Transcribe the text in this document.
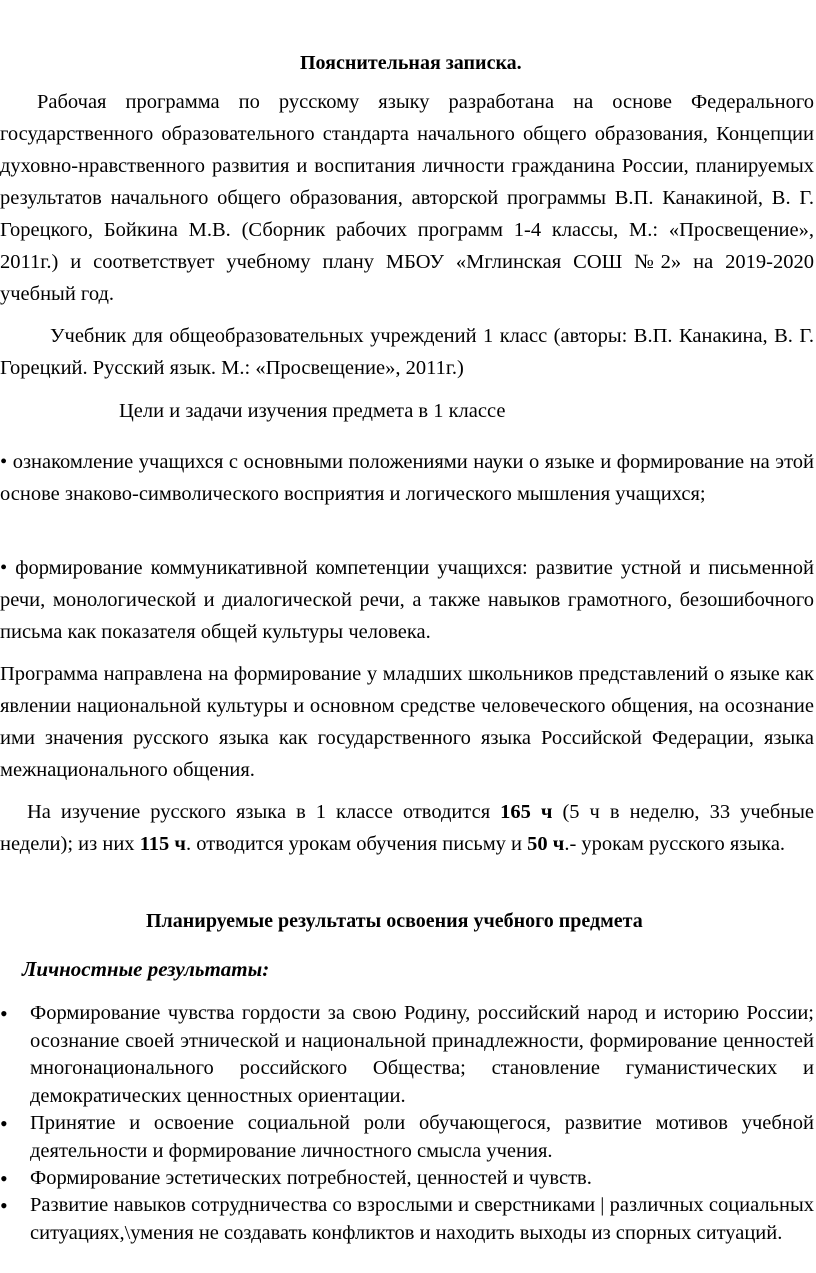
Пояснительная записка.

Рабочая программа по русскому языку разработана на основе Федерального государственного образовательного стандарта начального общего образования, Концепции духовно-нравственного развития и воспитания личности гражданина России, планируемых результатов начального общего образования, авторской программы В.П. Канакиной, В. Г. Горецкого, Бойкина М.В. (Сборник рабочих программ 1-4 классы, М.: «Просвещение», 2011г.) и соответствует учебному плану МБОУ «Мглинская СОШ №2» на 2019-2020 учебный год.

Учебник для общеобразовательных учреждений 1 класс (авторы: В.П. Канакина, В. Г. Горецкий. Русский язык. М.: «Просвещение», 2011г.)

Цели и задачи изучения предмета в 1 классе

• ознакомление учащихся с основными положениями науки о языке и формирование на этой основе знаково-символического восприятия и логического мышления учащихся;

• формирование коммуникативной компетенции учащихся: развитие устной и письменной речи, монологической и диалогической речи, а также навыков грамотного, безошибочного письма как показателя общей культуры человека.

Программа направлена на формирование у младших школьников представлений о языке как явлении национальной культуры и основном средстве человеческого общения, на осознание ими значения русского языка как государственного языка Российской Федерации, языка межнационального общения.

На изучение русского языка в 1 классе отводится 165 ч (5 ч в неделю, 33 учебные недели); из них 115 ч. отводится урокам обучения письму и 50 ч.- урокам русского языка.

Планируемые результаты освоения учебного предмета
Личностные результаты:
• Формирование чувства гордости за свою Родину, российский народ и историю России; осознание своей этнической и национальной принадлежности, формирование ценностей многонационального российского Общества; становление гуманистических и демократических ценностных ориентации.
• Принятие и освоение социальной роли обучающегося, развитие мотивов учебной деятельности и формирование личностного смысла учения.
• Формирование эстетических потребностей, ценностей и чувств.
• Развитие навыков сотрудничества со взрослыми и сверстниками | различных социальных ситуациях,\умения не создавать конфликтов и находить выходы из спорных ситуаций.
